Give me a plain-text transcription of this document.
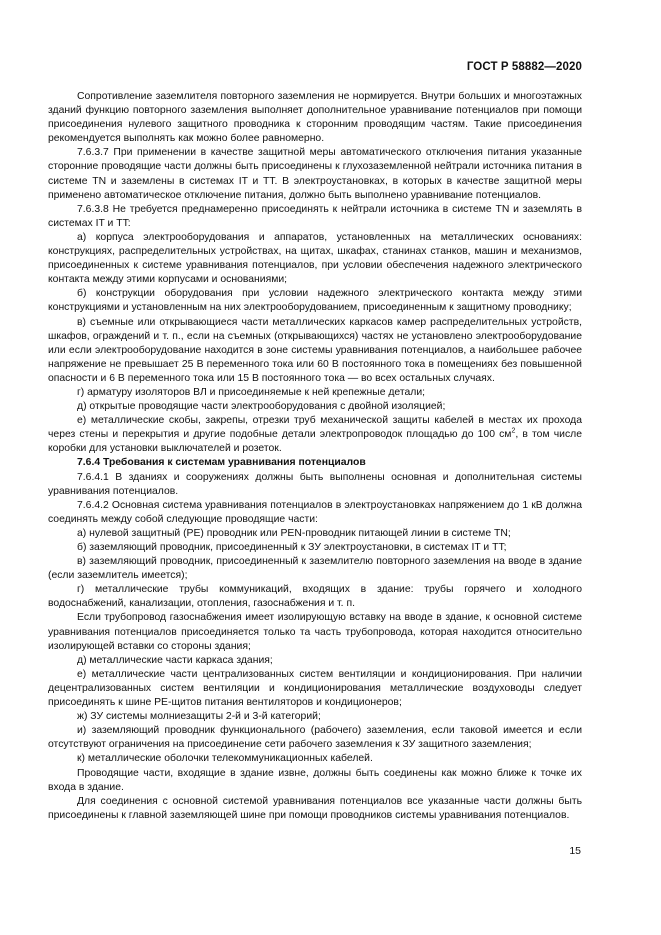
ГОСТ Р 58882—2020

Сопротивление заземлителя повторного заземления не нормируется. Внутри больших и многоэтажных зданий функцию повторного заземления выполняет дополнительное уравнивание потенциалов при помощи присоединения нулевого защитного проводника к сторонним проводящим частям. Такие присоединения рекомендуется выполнять как можно более равномерно.

7.6.3.7 При применении в качестве защитной меры автоматического отключения питания указанные сторонние проводящие части должны быть присоединены к глухозаземленной нейтрали источника питания в системе TN и заземлены в системах IT и TT. В электроустановках, в которых в качестве защитной меры применено автоматическое отключение питания, должно быть выполнено уравнивание потенциалов.

7.6.3.8 Не требуется преднамеренно присоединять к нейтрали источника в системе TN и заземлять в системах IT и TT:

а) корпуса электрооборудования и аппаратов, установленных на металлических основаниях: конструкциях, распределительных устройствах, на щитах, шкафах, станинах станков, машин и механизмов, присоединенных к системе уравнивания потенциалов, при условии обеспечения надежного электрического контакта между этими корпусами и основаниями;

б) конструкции оборудования при условии надежного электрического контакта между этими конструкциями и установленным на них электрооборудованием, присоединенным к защитному проводнику;

в) съемные или открывающиеся части металлических каркасов камер распределительных устройств, шкафов, ограждений и т. п., если на съемных (открывающихся) частях не установлено электрооборудование или если электрооборудование находится в зоне системы уравнивания потенциалов, а наибольшее рабочее напряжение не превышает 25 В переменного тока или 60 В постоянного тока в помещениях без повышенной опасности и 6 В переменного тока или 15 В постоянного тока — во всех остальных случаях.

г) арматуру изоляторов ВЛ и присоединяемые к ней крепежные детали;

д) открытые проводящие части электрооборудования с двойной изоляцией;

е) металлические скобы, закрепы, отрезки труб механической защиты кабелей в местах их прохода через стены и перекрытия и другие подобные детали электропроводок площадью до 100 $см^2$, в том числе коробки для установки выключателей и розеток.

7.6.4 Требования к системам уравнивания потенциалов

7.6.4.1 В зданиях и сооружениях должны быть выполнены основная и дополнительная системы уравнивания потенциалов.

7.6.4.2 Основная система уравнивания потенциалов в электроустановках напряжением до 1 кВ должна соединять между собой следующие проводящие части:

а) нулевой защитный (PE) проводник или PEN-проводник питающей линии в системе TN;

б) заземляющий проводник, присоединенный к ЗУ электроустановки, в системах IT и TT;

в) заземляющий проводник, присоединенный к заземлителю повторного заземления на вводе в здание (если заземлитель имеется);

г) металлические трубы коммуникаций, входящих в здание: трубы горячего и холодного водоснабжений, канализации, отопления, газоснабжения и т. п.

Если трубопровод газоснабжения имеет изолирующую вставку на вводе в здание, к основной системе уравнивания потенциалов присоединяется только та часть трубопровода, которая находится относительно изолирующей вставки со стороны здания;

д) металлические части каркаса здания;

е) металлические части централизованных систем вентиляции и кондиционирования. При наличии децентрализованных систем вентиляции и кондиционирования металлические воздуховоды следует присоединять к шине PE-щитов питания вентиляторов и кондиционеров;

ж) ЗУ системы молниезащиты 2-й и 3-й категорий;

и) заземляющий проводник функционального (рабочего) заземления, если таковой имеется и если отсутствуют ограничения на присоединение сети рабочего заземления к ЗУ защитного заземления;

к) металлические оболочки телекоммуникационных кабелей.

Проводящие части, входящие в здание извне, должны быть соединены как можно ближе к точке их входа в здание.

Для соединения с основной системой уравнивания потенциалов все указанные части должны быть присоединены к главной заземляющей шине при помощи проводников системы уравнивания потенциалов.

15
